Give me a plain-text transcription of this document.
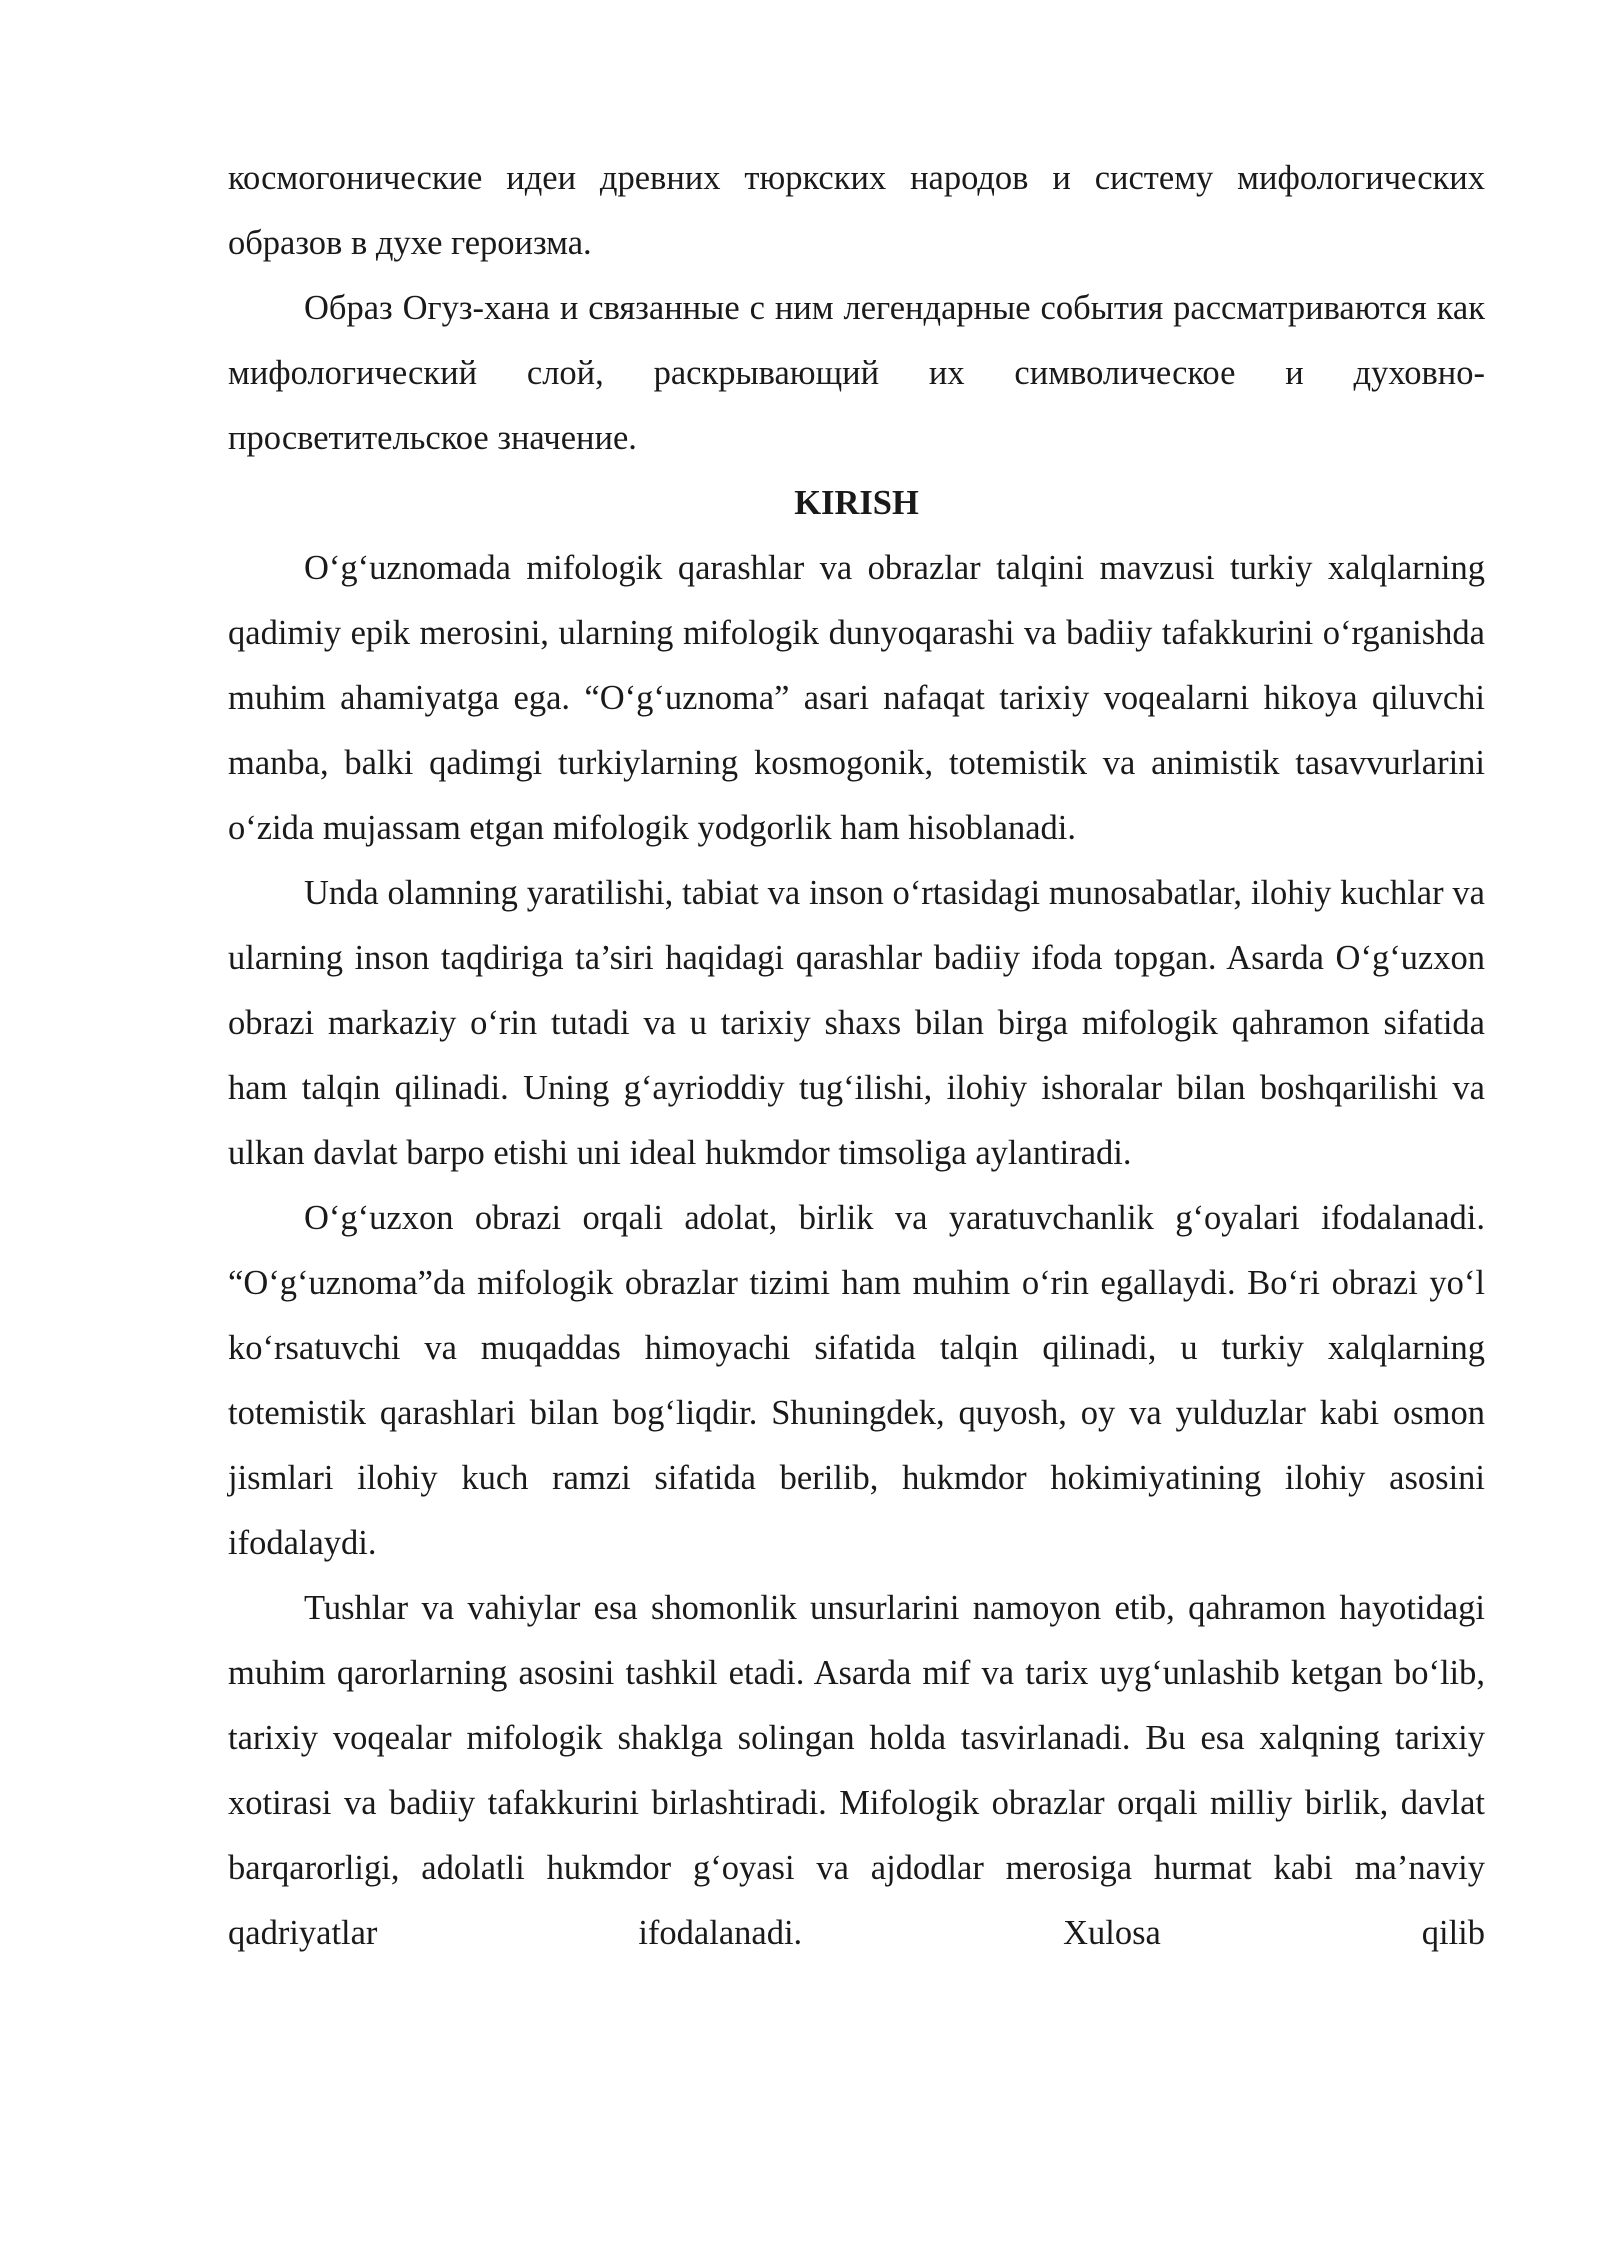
космогонические идеи древних тюркских народов и систему мифологических образов в духе героизма.

Образ Огуз-хана и связанные с ним легендарные события рассматриваются как мифологический слой, раскрывающий их символическое и духовно-просветительское значение.

KIRISH

O‘g‘uznomada mifologik qarashlar va obrazlar talqini mavzusi turkiy xalqlarning qadimiy epik merosini, ularning mifologik dunyoqarashi va badiiy tafakkurini o‘rganishda muhim ahamiyatga ega. “O‘g‘uznoma” asari nafaqat tarixiy voqealarni hikoya qiluvchi manba, balki qadimgi turkiylarning kosmogonik, totemistik va animistik tasavvurlarini o‘zida mujassam etgan mifologik yodgorlik ham hisoblanadi.

Unda olamning yaratilishi, tabiat va inson o‘rtasidagi munosabatlar, ilohiy kuchlar va ularning inson taqdiriga ta’siri haqidagi qarashlar badiiy ifoda topgan. Asarda O‘g‘uzxon obrazi markaziy o‘rin tutadi va u tarixiy shaxs bilan birga mifologik qahramon sifatida ham talqin qilinadi. Uning g‘ayrioddiy tug‘ilishi, ilohiy ishoralar bilan boshqarilishi va ulkan davlat barpo etishi uni ideal hukmdor timsoliga aylantiradi.

O‘g‘uzxon obrazi orqali adolat, birlik va yaratuvchanlik g‘oyalari ifodalanadi. “O‘g‘uznoma”da mifologik obrazlar tizimi ham muhim o‘rin egallaydi. Bo‘ri obrazi yo‘l ko‘rsatuvchi va muqaddas himoyachi sifatida talqin qilinadi, u turkiy xalqlarning totemistik qarashlari bilan bog‘liqdir. Shuningdek, quyosh, oy va yulduzlar kabi osmon jismlari ilohiy kuch ramzi sifatida berilib, hukmdor hokimiyatining ilohiy asosini ifodalaydi.

Tushlar va vahiylar esa shomonlik unsurlarini namoyon etib, qahramon hayotidagi muhim qarorlarning asosini tashkil etadi. Asarda mif va tarix uyg‘unlashib ketgan bo‘lib, tarixiy voqealar mifologik shaklga solingan holda tasvirlanadi. Bu esa xalqning tarixiy xotirasi va badiiy tafakkurini birlashtiradi. Mifologik obrazlar orqali milliy birlik, davlat barqarorligi, adolatli hukmdor g‘oyasi va ajdodlar merosiga hurmat kabi ma’naviy qadriyatlar ifodalanadi. Xulosa qilib
